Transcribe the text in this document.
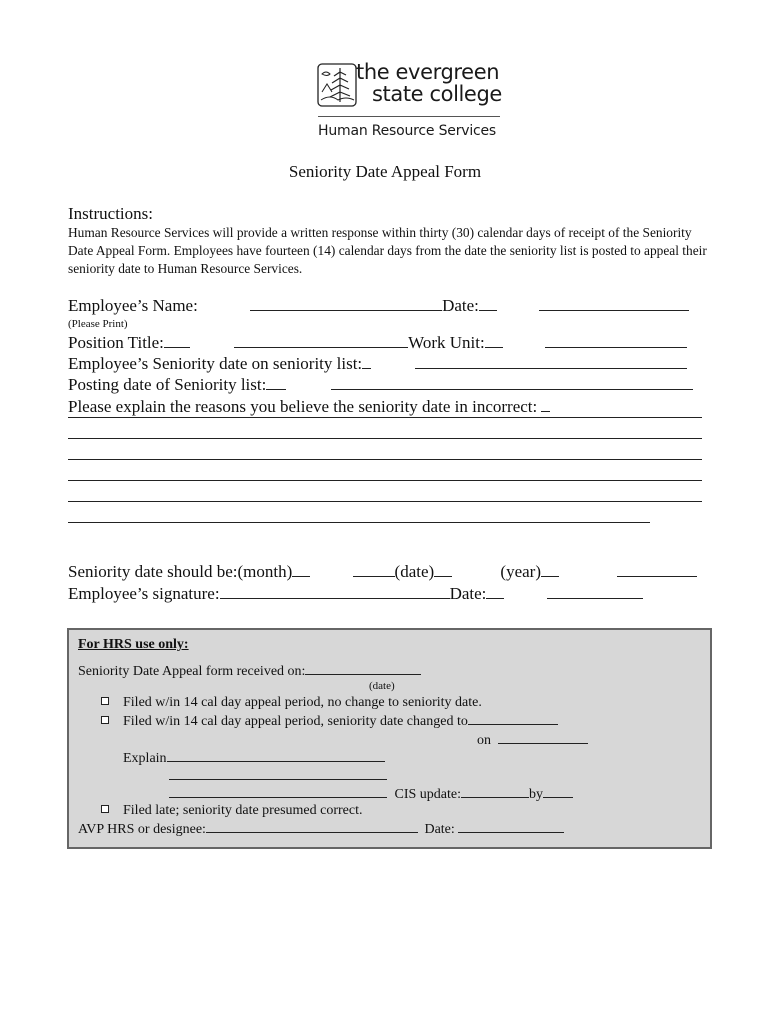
the evergreen
state college
Human Resource Services
Seniority Date Appeal Form
Instructions:
Human Resource Services will provide a written response within thirty (30) calendar days of receipt of the Seniority Date Appeal Form. Employees have fourteen (14) calendar days from the date the seniority list is posted to appeal their seniority date to Human Resource Services.
Employee’s Name:	Date:
(Please Print)
Position Title:	Work Unit:
Employee’s Seniority date on seniority list:
Posting date of Seniority list:
Please explain the reasons you believe the seniority date in incorrect:
Seniority date should be:(month)	(date)	(year)
Employee’s signature:	Date:
For HRS use only:
Seniority Date Appeal form received on:
(date)
Filed w/in 14 cal day appeal period, no change to seniority date.
Filed w/in 14 cal day appeal period, seniority date changed to
on
Explain
CIS update:	by
Filed late; seniority date presumed correct.
AVP HRS or designee:	Date:
